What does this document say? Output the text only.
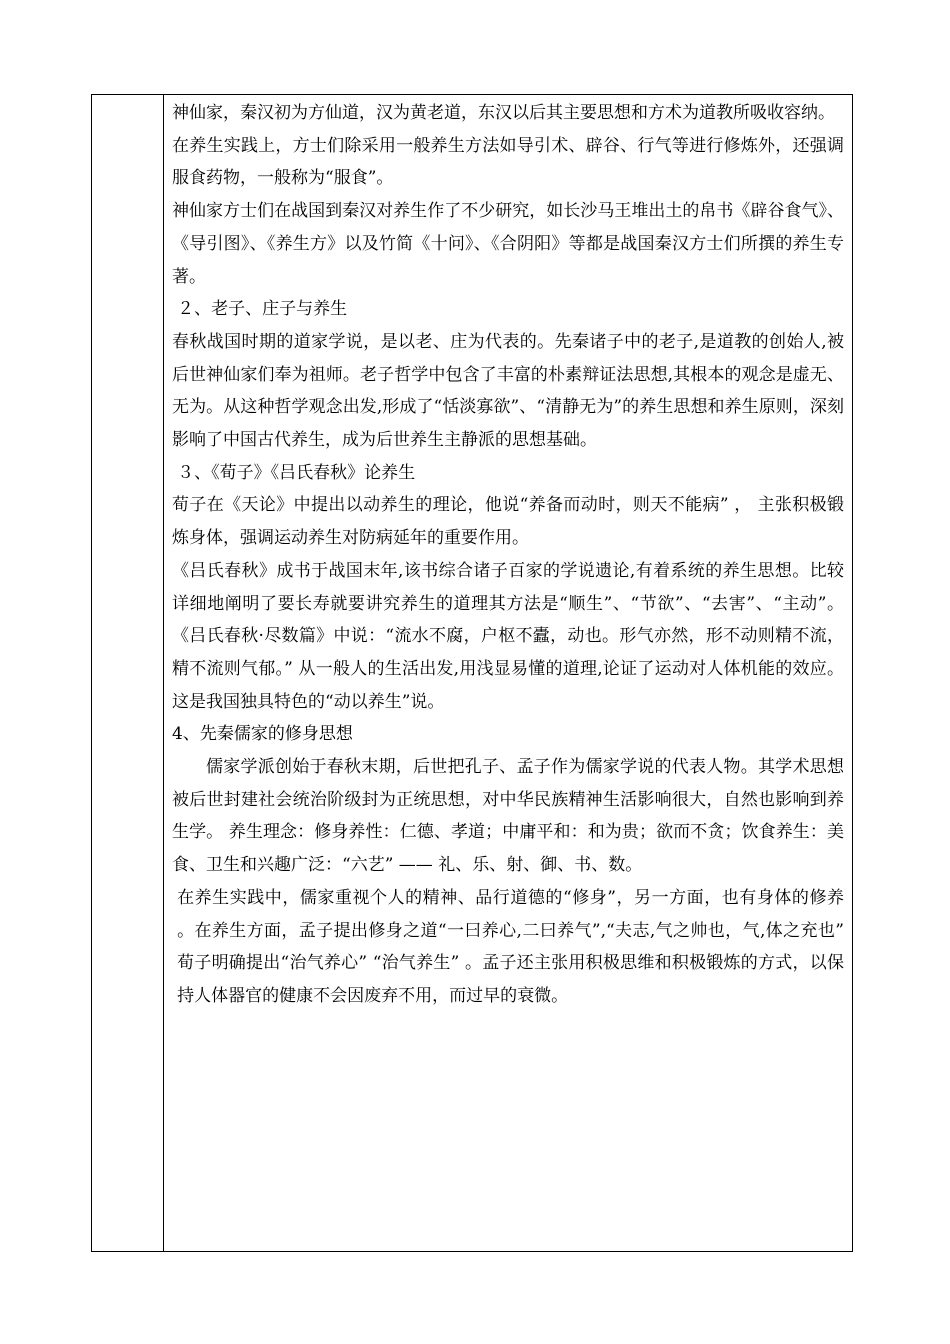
神仙家，秦汉初为方仙道，汉为黄老道，东汉以后其主要思想和方术为道教所吸收容纳。

在养生实践上，方士们除采用一般养生方法如导引术、辟谷、行气等进行修炼外，还强调服食药物，一般称为“服食”。

神仙家方士们在战国到秦汉对养生作了不少研究，如长沙马王堆出土的帛书《辟谷食气》、《导引图》、《养生方》以及竹简《十问》、《合阴阳》等都是战国秦汉方士们所撰的养生专著。

２、老子、庄子与养生

春秋战国时期的道家学说，是以老、庄为代表的。先秦诸子中的老子,是道教的创始人,被后世神仙家们奉为祖师。老子哲学中包含了丰富的朴素辩证法思想,其根本的观念是虚无、无为。从这种哲学观念出发,形成了“恬淡寡欲”、“清静无为”的养生思想和养生原则，深刻影响了中国古代养生，成为后世养生主静派的思想基础。

３、《荀子》《吕氏春秋》论养生

荀子在《天论》中提出以动养生的理论，他说“养备而动时，则天不能病” ， 主张积极锻炼身体，强调运动养生对防病延年的重要作用。

《吕氏春秋》成书于战国末年,该书综合诸子百家的学说遗论,有着系统的养生思想。比较详细地阐明了要长寿就要讲究养生的道理其方法是“顺生”、“节欲”、“去害”、“主动”。《吕氏春秋·尽数篇》中说：“流水不腐，户枢不蠹，动也。形气亦然，形不动则精不流，精不流则气郁。” 从一般人的生活出发,用浅显易懂的道理,论证了运动对人体机能的效应。这是我国独具特色的“动以养生”说。

4、先秦儒家的修身思想

儒家学派创始于春秋末期，后世把孔子、孟子作为儒家学说的代表人物。其学术思想被后世封建社会统治阶级封为正统思想，对中华民族精神生活影响很大，自然也影响到养生学。 养生理念：修身养性：仁德、孝道；中庸平和：和为贵；欲而不贪；饮食养生：美食、卫生和兴趣广泛：“六艺” —— 礼、乐、射、御、书、数。

在养生实践中，儒家重视个人的精神、品行道德的“修身”，另一方面，也有身体的修养 。在养生方面，孟子提出修身之道“一曰养心,二曰养气”,“夫志,气之帅也，气,体之充也” 荀子明确提出“治气养心” “治气养生” 。孟子还主张用积极思维和积极锻炼的方式，以保持人体器官的健康不会因废弃不用，而过早的衰微。
